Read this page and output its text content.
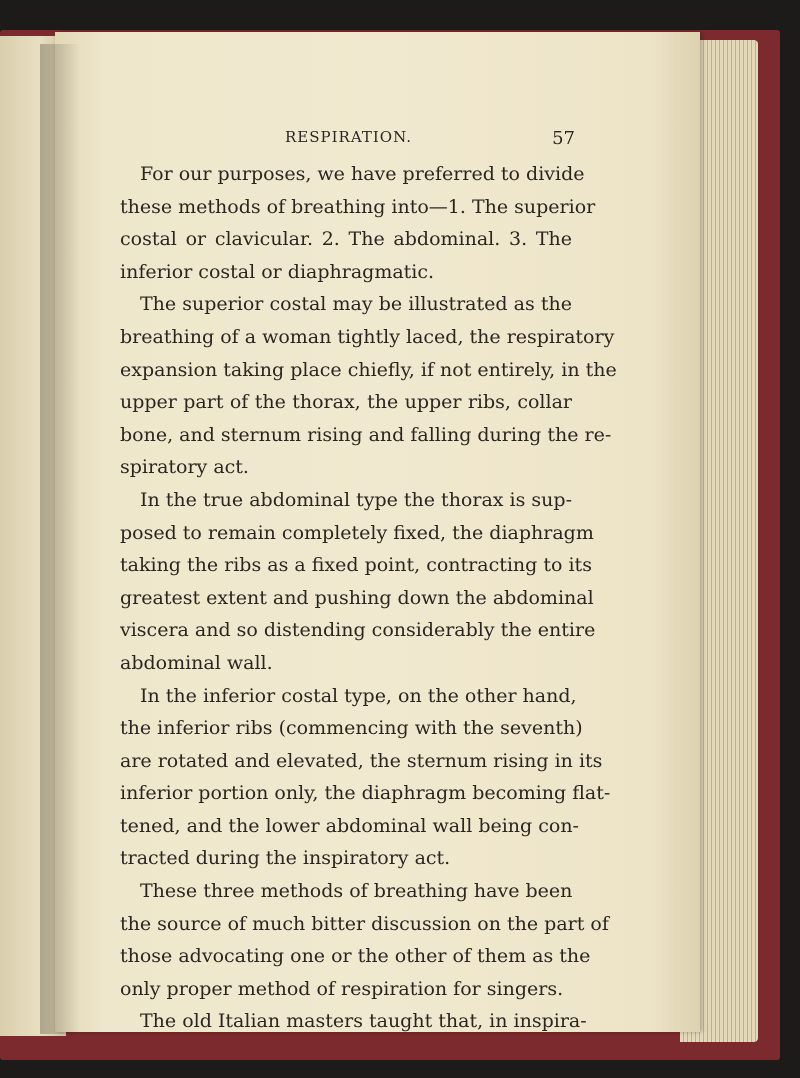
RESPIRATION.	57
For our purposes, we have preferred to divide
these methods of breathing into—1. The superior
costal or clavicular. 2. The abdominal. 3. The
inferior costal or diaphragmatic.
The superior costal may be illustrated as the
breathing of a woman tightly laced, the respiratory
expansion taking place chiefly, if not entirely, in the
upper part of the thorax, the upper ribs, collar
bone, and sternum rising and falling during the re-
spiratory act.
In the true abdominal type the thorax is sup-
posed to remain completely fixed, the diaphragm
taking the ribs as a fixed point, contracting to its
greatest extent and pushing down the abdominal
viscera and so distending considerably the entire
abdominal wall.
In the inferior costal type, on the other hand,
the inferior ribs (commencing with the seventh)
are rotated and elevated, the sternum rising in its
inferior portion only, the diaphragm becoming flat-
tened, and the lower abdominal wall being con-
tracted during the inspiratory act.
These three methods of breathing have been
the source of much bitter discussion on the part of
those advocating one or the other of them as the
only proper method of respiration for singers.
The old Italian masters taught that, in inspira-
